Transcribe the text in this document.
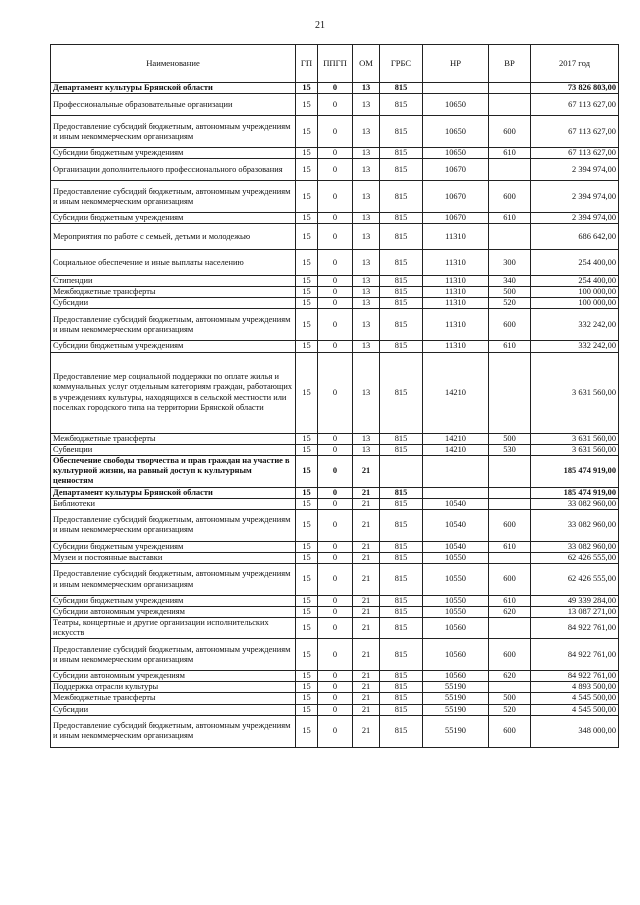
21
Наименование	ГП	ППГП	ОМ	ГРБС	НР	ВР	2017 год
Департамент культуры Брянской области	15	0	13	815			73 826 803,00
Профессиональные образовательные организации	15	0	13	815	10650		67 113 627,00
Предоставление субсидий бюджетным, автономным учреждениям и иным некоммерческим организациям	15	0	13	815	10650	600	67 113 627,00
Субсидии бюджетным учреждениям	15	0	13	815	10650	610	67 113 627,00
Организации дополнительного профессионального образования	15	0	13	815	10670		2 394 974,00
Предоставление субсидий бюджетным, автономным учреждениям и иным некоммерческим организациям	15	0	13	815	10670	600	2 394 974,00
Субсидии бюджетным учреждениям	15	0	13	815	10670	610	2 394 974,00
Мероприятия по работе с семьей, детьми и молодежью	15	0	13	815	11310		686 642,00
Социальное обеспечение и иные выплаты населению	15	0	13	815	11310	300	254 400,00
Стипендии	15	0	13	815	11310	340	254 400,00
Межбюджетные трансферты	15	0	13	815	11310	500	100 000,00
Субсидии	15	0	13	815	11310	520	100 000,00
Предоставление субсидий бюджетным, автономным учреждениям и иным некоммерческим организациям	15	0	13	815	11310	600	332 242,00
Субсидии бюджетным учреждениям	15	0	13	815	11310	610	332 242,00
Предоставление мер социальной поддержки по оплате жилья и коммунальных услуг отдельным категориям граждан, работающих в учреждениях культуры, находящихся в сельской местности или поселках городского типа на территории Брянской области	15	0	13	815	14210		3 631 560,00
Межбюджетные трансферты	15	0	13	815	14210	500	3 631 560,00
Субвенции	15	0	13	815	14210	530	3 631 560,00
Обеспечение свободы творчества и прав граждан на участие в культурной жизни, на равный доступ к культурным ценностям	15	0	21				185 474 919,00
Департамент культуры Брянской области	15	0	21	815			185 474 919,00
Библиотеки	15	0	21	815	10540		33 082 960,00
Предоставление субсидий бюджетным, автономным учреждениям и иным некоммерческим организациям	15	0	21	815	10540	600	33 082 960,00
Субсидии бюджетным учреждениям	15	0	21	815	10540	610	33 082 960,00
Музеи и постоянные выставки	15	0	21	815	10550		62 426 555,00
Предоставление субсидий бюджетным, автономным учреждениям и иным некоммерческим организациям	15	0	21	815	10550	600	62 426 555,00
Субсидии бюджетным учреждениям	15	0	21	815	10550	610	49 339 284,00
Субсидии автономным учреждениям	15	0	21	815	10550	620	13 087 271,00
Театры, концертные и другие организации исполнительских искусств	15	0	21	815	10560		84 922 761,00
Предоставление субсидий бюджетным, автономным учреждениям и иным некоммерческим организациям	15	0	21	815	10560	600	84 922 761,00
Субсидии автономным учреждениям	15	0	21	815	10560	620	84 922 761,00
Поддержка отрасли культуры	15	0	21	815	55190		4 893 500,00
Межбюджетные трансферты	15	0	21	815	55190	500	4 545 500,00
Субсидии	15	0	21	815	55190	520	4 545 500,00
Предоставление субсидий бюджетным, автономным учреждениям и иным некоммерческим организациям	15	0	21	815	55190	600	348 000,00
